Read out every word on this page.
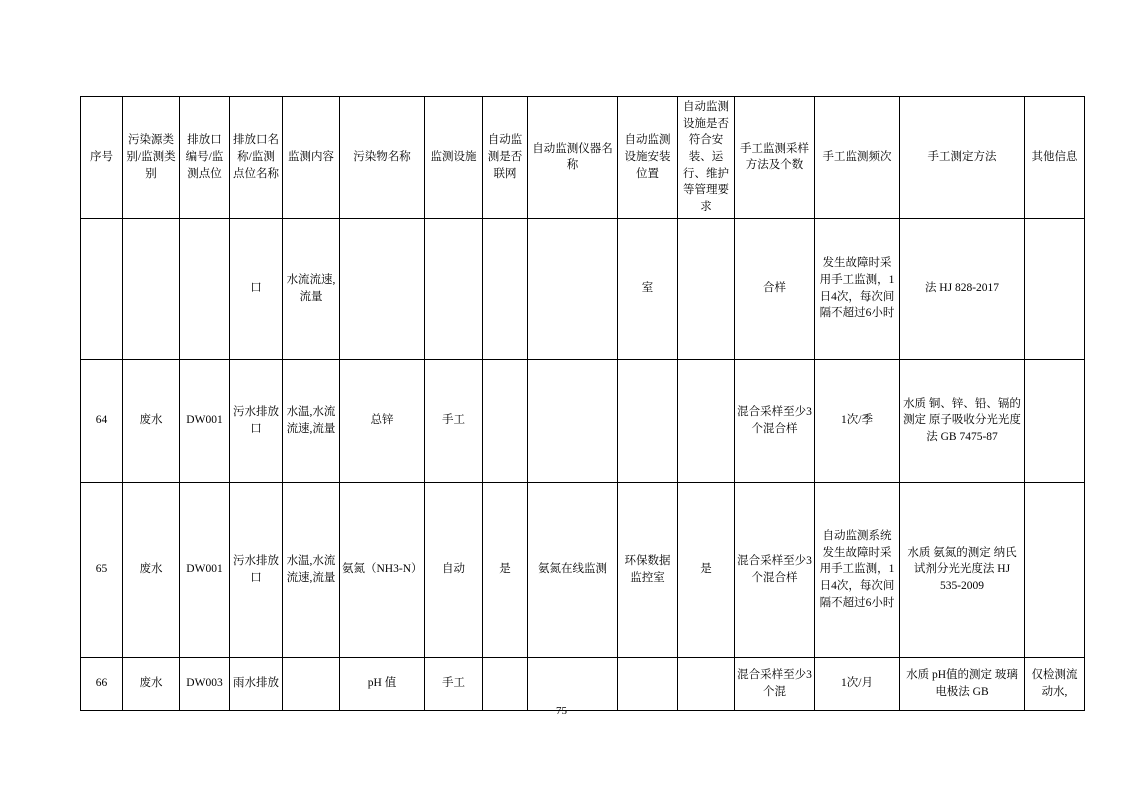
序号	污染源类别/监测类别	排放口编号/监测点位	排放口名称/监测点位名称	监测内容	污染物名称	监测设施	自动监测是否联网	自动监测仪器名称	自动监测设施安装位置	自动监测设施是否符合安装、运行、维护等管理要求	手工监测采样方法及个数	手工监测频次	手工测定方法	其他信息
			口	水流流速,流量					室		合样	发生故障时采用手工监测，1日4次，每次间隔不超过6小时	法 HJ 828-2017	
64	废水	DW001	污水排放口	水温,水流流速,流量	总锌	手工					混合采样至少3个混合样	1次/季	水质 铜、锌、铅、镉的测定 原子吸收分光光度法 GB 7475-87	
65	废水	DW001	污水排放口	水温,水流流速,流量	氨氮（NH3-N）	自动	是	氨氮在线监测	环保数据监控室	是	混合采样至少3个混合样	自动监测系统发生故障时采用手工监测，1日4次，每次间隔不超过6小时	水质 氨氮的测定 纳氏试剂分光光度法 HJ 535-2009	
66	废水	DW003	雨水排放		pH 值	手工					混合采样至少3个混	1次/月	水质 pH值的测定 玻璃电极法 GB	仅检测流动水,
75
